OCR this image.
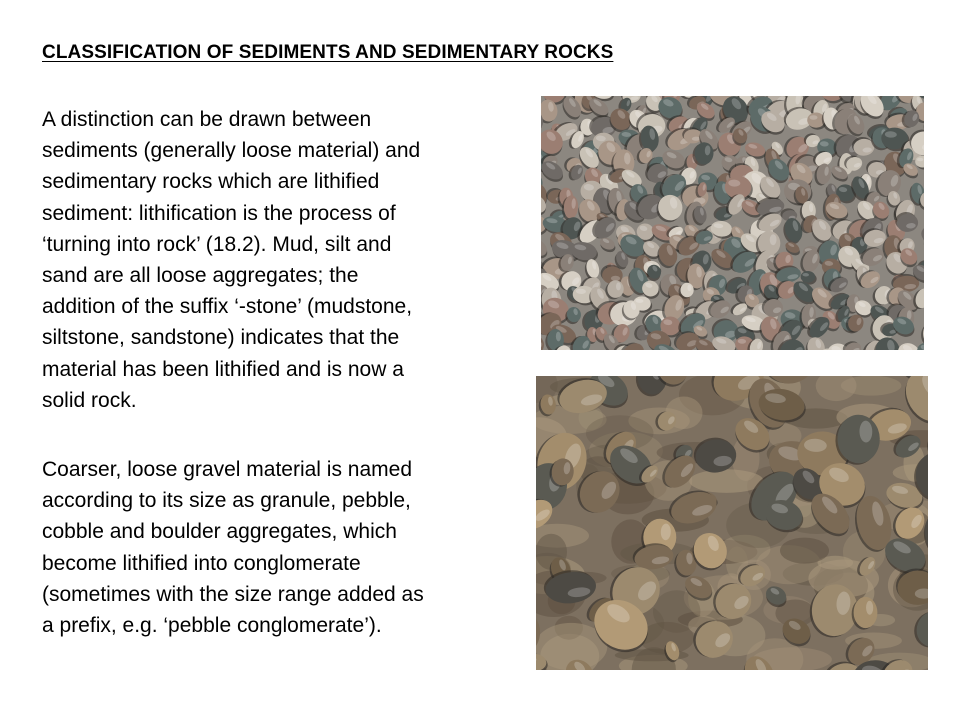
CLASSIFICATION OF SEDIMENTS AND SEDIMENTARY ROCKS
A distinction can be drawn between
sediments (generally loose material) and
sedimentary rocks which are lithified
sediment: lithification is the process of
‘turning into rock’ (18.2). Mud, silt and
sand are all loose aggregates; the
addition of the suffix ‘-stone’ (mudstone,
siltstone, sandstone) indicates that the
material has been lithified and is now a
solid rock.
Coarser, loose gravel material is named
according to its size as granule, pebble,
cobble and boulder aggregates, which
become lithified into conglomerate
(sometimes with the size range added as
a prefix, e.g. ‘pebble conglomerate’).
